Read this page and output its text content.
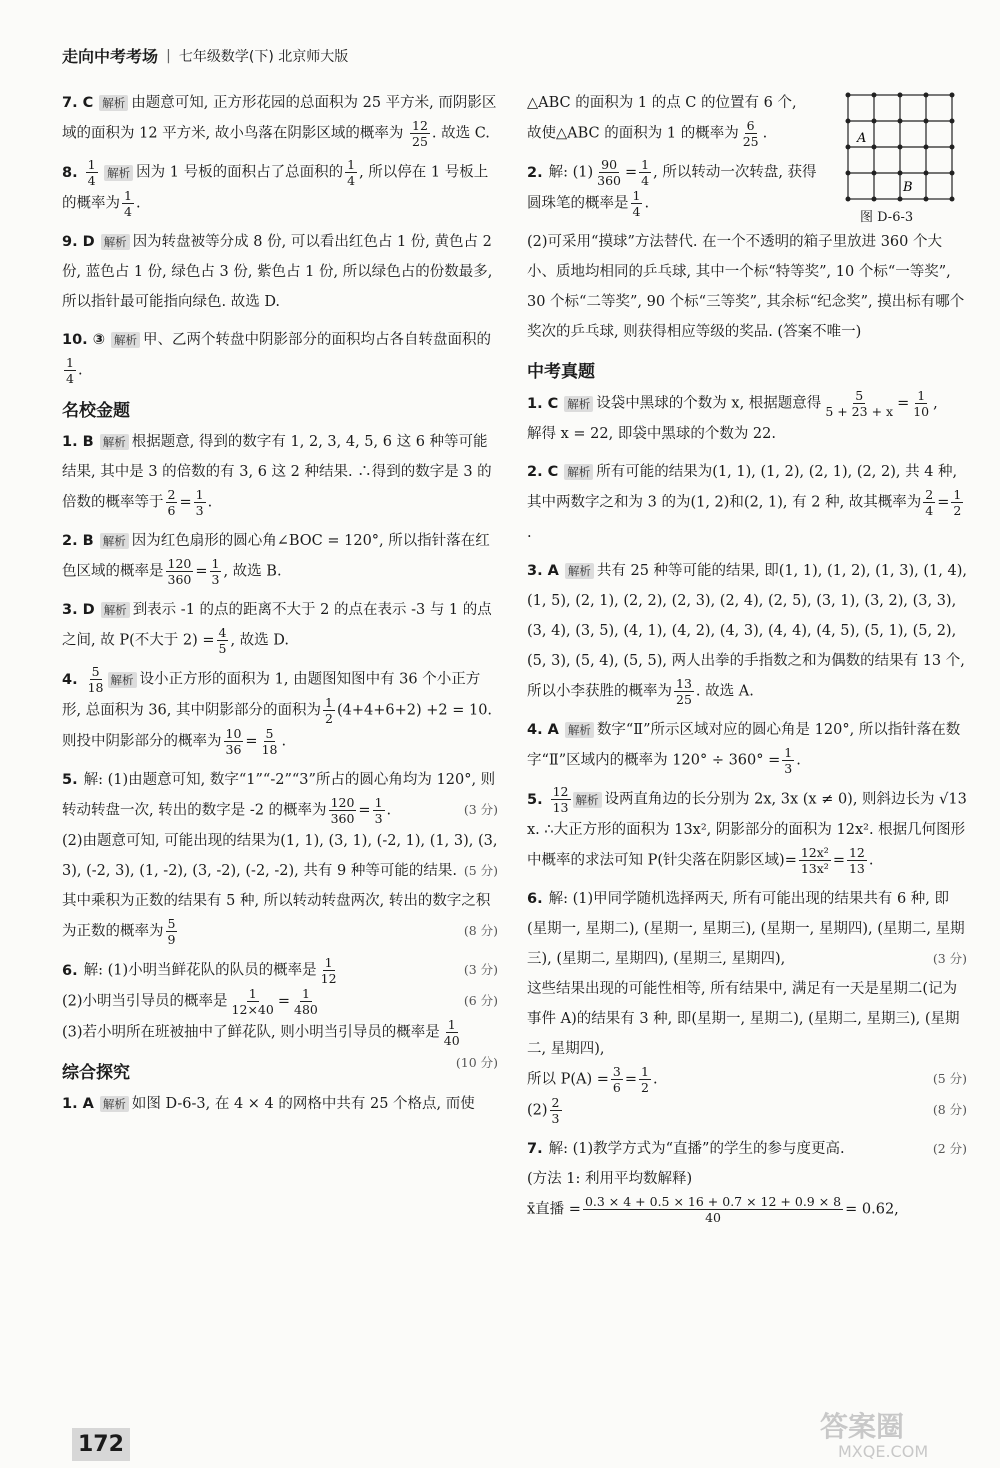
走向中考考场 | 七年级数学(下) 北京师大版
7. C 解析 由题意可知, 正方形花园的总面积为 25 平方米, 而阴影区域的面积为 12 平方米, 故小鸟落在阴影区域的概率为 $\frac{12}{25}$ . 故选 C.
8. $\frac{1}{4}$ 解析 因为 1 号板的面积占了总面积的 $\frac{1}{4}$ , 所以停在 1 号板上的概率为 $\frac{1}{4}$ .
9. D 解析 因为转盘被等分成 8 份, 可以看出红色占 1 份, 黄色占 2 份, 蓝色占 1 份, 绿色占 3 份, 紫色占 1 份, 所以绿色占的份数最多, 所以指针最可能指向绿色. 故选 D.
10. ③ 解析 甲、乙两个转盘中阴影部分的面积均占各自转盘面积的
$\frac{1}{4}$ .
名校金题
1. B 解析 根据题意, 得到的数字有 1, 2, 3, 4, 5, 6 这 6 种等可能结果, 其中是 3 的倍数的有 3, 6 这 2 种结果. ∴得到的数字是 3 的倍数的概率等于 $\frac{2}{6} = \frac{1}{3}$ .
2. B 解析 因为红色扇形的圆心角∠BOC = 120°, 所以指针落在红色区域的概率是 $\frac{120}{360} = \frac{1}{3}$ , 故选 B.
3. D 解析 到表示 -1 的点的距离不大于 2 的点在表示 -3 与 1 的点之间, 故 P(不大于 $2) = \frac{4}{5}$ , 故选 D.
4. $\frac{5}{18}$ 解析 设小正方形的面积为 1, 由题图知图中有 36 个小正方形, 总面积为 36, 其中阴影部分的面积为 $\frac{1}{2} (4+4+6+2) +2 = 10$. 则投中阴影部分的概率为 $\frac{10}{36} = \frac{5}{18}$ .
5. 解: (1)由题意可知, 数字“1”“-2”“3”所占的圆心角均为 120°, 则转动转盘一次, 转出的数字是 -2 的概率为 $\frac{120}{360} = \frac{1}{3}$ .	(3 分)

(2)由题意可知, 可能出现的结果为(1, 1), (3, 1), (-2, 1), (1, 3), (3, 3), (-2, 3), (1, -2), (3, -2), (-2, -2), 共有 9 种等可能的结果. (5 分)

其中乘积为正数的结果有 5 种, 所以转动转盘两次, 转出的数字之积为正数的概率为 $\frac{5}{9}$	(8 分)
6. 解: (1)小明当鲜花队的队员的概率是 $\frac{1}{12}$	(3 分)

(2)小明当引导员的概率是 $\frac{1}{12\times 40} = \frac{1}{480}$	(6 分)

(3)若小明所在班被抽中了鲜花队, 则小明当引导员的概率是 $\frac{1}{40}$
(10 分)
综合探究
1. A 解析 如图 D-6-3, 在 4 × 4 的网格中共有 25 个格点, 而使
A
B
图 D-6-3
△ABC 的面积为 1 的点 C 的位置有 6 个,
故使△ABC 的面积为 1 的概率为 $\frac{6}{25}$ .
2. 解: $(1) \frac{90}{360} = \frac{1}{4}$ , 所以转动一次转盘, 获得圆珠笔的概率是 $\frac{1}{4}$ .
(2)可采用“摸球”方法替代. 在一个不透明的箱子里放进 360 个大小、质地均相同的乒乓球, 其中一个标“特等奖”, 10 个标“一等奖”, 30 个标“二等奖”, 90 个标“三等奖”, 其余标“纪念奖”, 摸出标有哪个奖次的乒乓球, 则获得相应等级的奖品. (答案不唯一)
中考真题
1. C 解析 设袋中黑球的个数为 x, 根据题意得 $\frac{5}{5 + 23 + x} = \frac{1}{10}$ ,
解得 x = 22, 即袋中黑球的个数为 22.
2. C 解析 所有可能的结果为(1, 1), (1, 2), (2, 1), (2, 2), 共 4 种, 其中两数字之和为 3 的为(1, 2)和(2, 1), 有 2 种, 故其概率为 $\frac{2}{4} = \frac{1}{2}$
.
3. A 解析 共有 25 种等可能的结果, 即(1, 1), (1, 2), (1, 3), (1, 4), (1, 5), (2, 1), (2, 2), (2, 3), (2, 4), (2, 5), (3, 1), (3, 2), (3, 3), (3, 4), (3, 5), (4, 1), (4, 2), (4, 3), (4, 4), (4, 5), (5, 1), (5, 2), (5, 3), (5, 4), (5, 5), 两人出拳的手指数之和为偶数的结果有 13 个, 所以小李获胜的概率为 $\frac{13}{25}$ . 故选 A.
4. A 解析 数字“Ⅱ”所示区域对应的圆心角是 120°, 所以指针落在数字“Ⅱ”区域内的概率为 $120^\circ \div 360^\circ = \frac{1}{3}$ .
5. $\frac{12}{13}$ 解析 设两直角边的长分别为 2x, 3x (x ≠ 0), 则斜边长为 √13 x. ∴大正方形的面积为 13x², 阴影部分的面积为 12x². 根据几何图形中概率的求法可知 P(针尖落在阴影区域)= $\frac{\text{12x²}}{\text{13x²}} = \frac{12}{13}$ .
6. 解: (1)甲同学随机选择两天, 所有可能出现的结果共有 6 种, 即(星期一, 星期二), (星期一, 星期三), (星期一, 星期四), (星期二, 星期三), (星期二, 星期四), (星期三, 星期四),	(3 分)

这些结果出现的可能性相等, 所有结果中, 满足有一天是星期二(记为事件 A)的结果有 3 种, 即(星期一, 星期二), (星期二, 星期三), (星期二, 星期四),
所以 $P(A) = \frac{3}{6} = \frac{1}{2}$ .	(5 分)

$(2) \frac{2}{3}$	(8 分)
7. 解: (1)教学方式为“直播”的学生的参与度更高.	(2 分)

(方法 1: 利用平均数解释)
x̄直播 = $\frac{0.3 \times 4 + 0.5 \times 16 + 0.7 \times 12 + 0.9 \times 8}{40} = 0.62$,
172
答案圈
MXQE.COM
